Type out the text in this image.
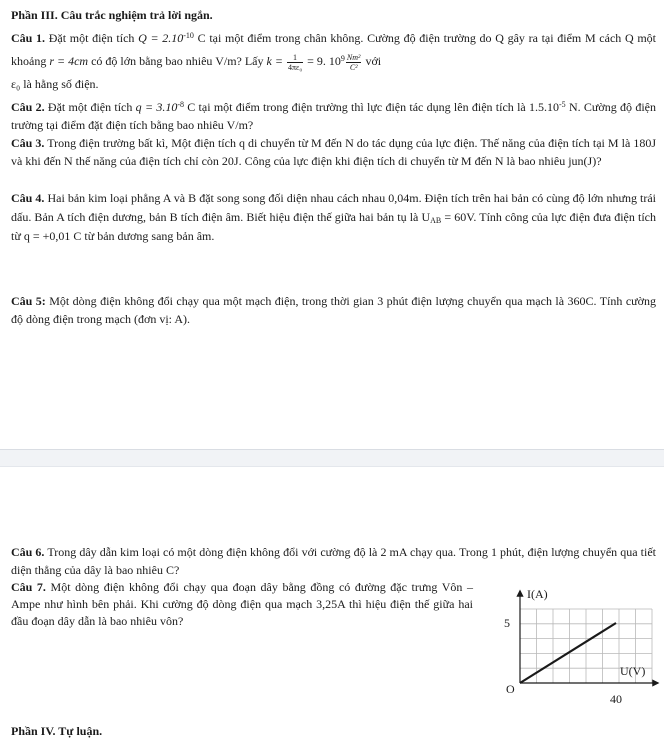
Phần III. Câu trắc nghiệm trả lời ngắn.

Câu 1. Đặt một điện tích $Q = 2.10^{-10}$ C tại một điểm trong chân không. Cường độ điện trường do Q gây ra tại điểm M cách Q một khoảng r = 4cm có độ lớn bằng bao nhiêu V/m? Lấy $k = \frac{1}{\text{4πε₀}} = 9$. $10^9 \frac{\text{Nm²}}{\text{C²}}$ với

ε₀ là hằng số điện.

Câu 2. Đặt một điện tích $q = 3.10^{-8}$ C tại một điểm trong điện trường thì lực điện tác dụng lên điện tích là $1.5.10^{-5}$ N. Cường độ điện trường tại điểm đặt điện tích bằng bao nhiêu V/m?

Câu 3. Trong điện trường bất kì, Một điện tích q di chuyển từ M đến N do tác dụng của lực điện. Thế năng của điện tích tại M là 180J và khi đến N thế năng của điện tích chỉ còn 20J. Công của lực điện khi điện tích di chuyển từ M đến N là bao nhiêu jun(J)?

Câu 4. Hai bản kim loại phẳng A và B đặt song song đối diện nhau cách nhau 0,04m. Điện tích trên hai bản có cùng độ lớn nhưng trái dấu. Bản A tích điện dương, bản B tích điện âm. Biết hiệu điện thế giữa hai bản tụ là $U_{AB} = 60V$. Tính công của lực điện đưa điện tích từ q = +0,01 C từ bản dương sang bản âm.

Câu 5: Một dòng điện không đổi chạy qua một mạch điện, trong thời gian 3 phút điện lượng chuyển qua mạch là 360C. Tính cường độ dòng điện trong mạch (đơn vị: A).

Câu 6. Trong dây dẫn kim loại có một dòng điện không đổi với cường độ là 2 mA chạy qua. Trong 1 phút, điện lượng chuyển qua tiết diện thẳng của dây là bao nhiêu C?

Câu 7. Một dòng điện không đổi chạy qua đoạn dây bằng đồng có đường đặc trưng Vôn – Ampe như hình bên phải. Khi cường độ dòng điện qua mạch 3,25A thì hiệu điện thế giữa hai đầu đoạn dây dẫn là bao nhiêu vôn?

I(A)
U(V)
O
5
40
Phần IV. Tự luận.
